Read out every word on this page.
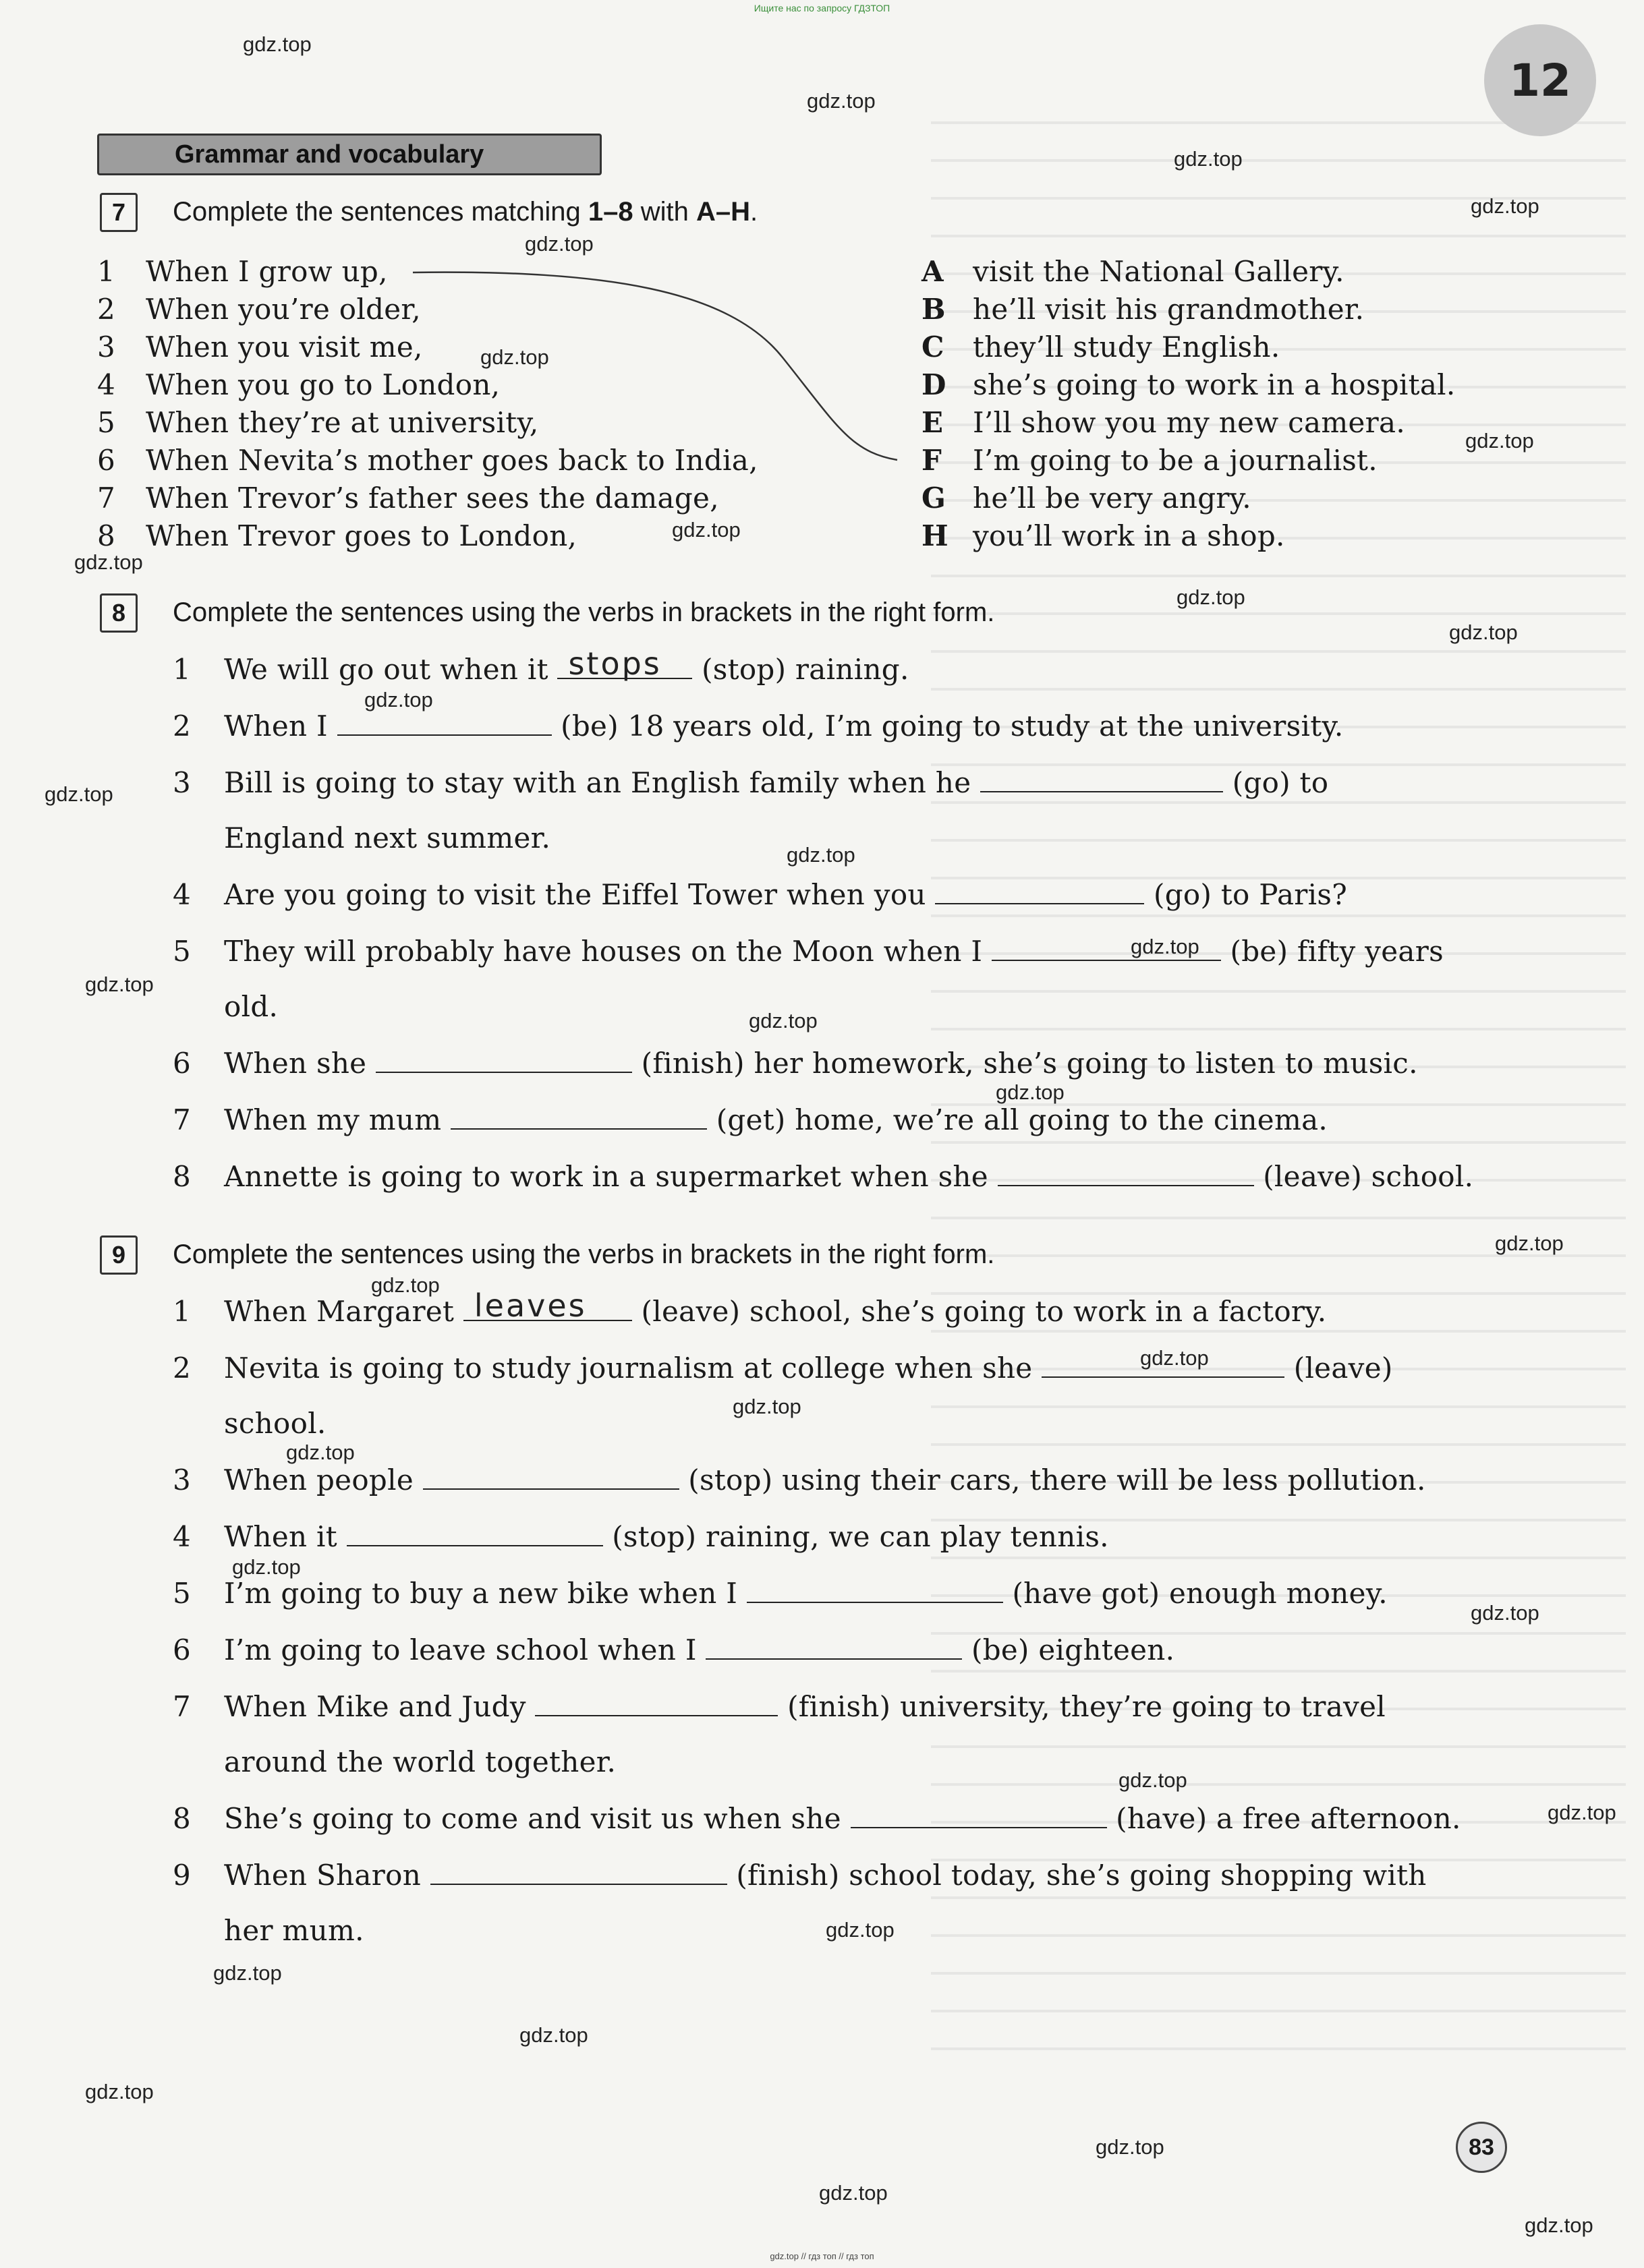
Ищите нас по запросу ГДЗТОП
12
gdz.top
gdz.top
gdz.top
gdz.top
gdz.top
gdz.top
gdz.top
gdz.top
gdz.top
gdz.top
gdz.top
gdz.top
gdz.top
gdz.top
gdz.top
gdz.top
gdz.top
gdz.top
gdz.top
gdz.top
gdz.top
gdz.top
gdz.top
gdz.top
gdz.top
gdz.top
gdz.top
gdz.top
gdz.top
gdz.top
gdz.top
gdz.top
gdz.top
gdz.top
Grammar and vocabulary
7	Complete the sentences matching 1–8 with A–H.
1 When I grow up,
2 When you’re older,
3 When you visit me,
4 When you go to London,
5 When they’re at university,
6 When Nevita’s mother goes back to India,
7 When Trevor’s father sees the damage,
8 When Trevor goes to London,
A visit the National Gallery.
B he’ll visit his grandmother.
C they’ll study English.
D she’s going to work in a hospital.
E I’ll show you my new camera.
F I’m going to be a journalist.
G he’ll be very angry.
H you’ll work in a shop.
8	Complete the sentences using the verbs in brackets in the right form.
1 We will go out when it stops (stop) raining.
2 When I	(be) 18 years old, I’m going to study at the university.
3 Bill is going to stay with an English family when he	(go) to
England next summer.
4 Are you going to visit the Eiffel Tower when you	(go) to Paris?
5 They will probably have houses on the Moon when I	(be) fifty years
old.
6 When she	(finish) her homework, she’s going to listen to music.
7 When my mum	(get) home, we’re all going to the cinema.
8 Annette is going to work in a supermarket when she	(leave) school.
9	Complete the sentences using the verbs in brackets in the right form.
1 When Margaret leaves (leave) school, she’s going to work in a factory.
2 Nevita is going to study journalism at college when she	(leave)
school.
3 When people	(stop) using their cars, there will be less pollution.
4 When it	(stop) raining, we can play tennis.
5 I’m going to buy a new bike when I	(have got) enough money.
6 I’m going to leave school when I	(be) eighteen.
7 When Mike and Judy	(finish) university, they’re going to travel
around the world together.
8 She’s going to come and visit us when she	(have) a free afternoon.
9 When Sharon	(finish) school today, she’s going shopping with
her mum.
83
gdz.top // гдз топ // гдз топ
